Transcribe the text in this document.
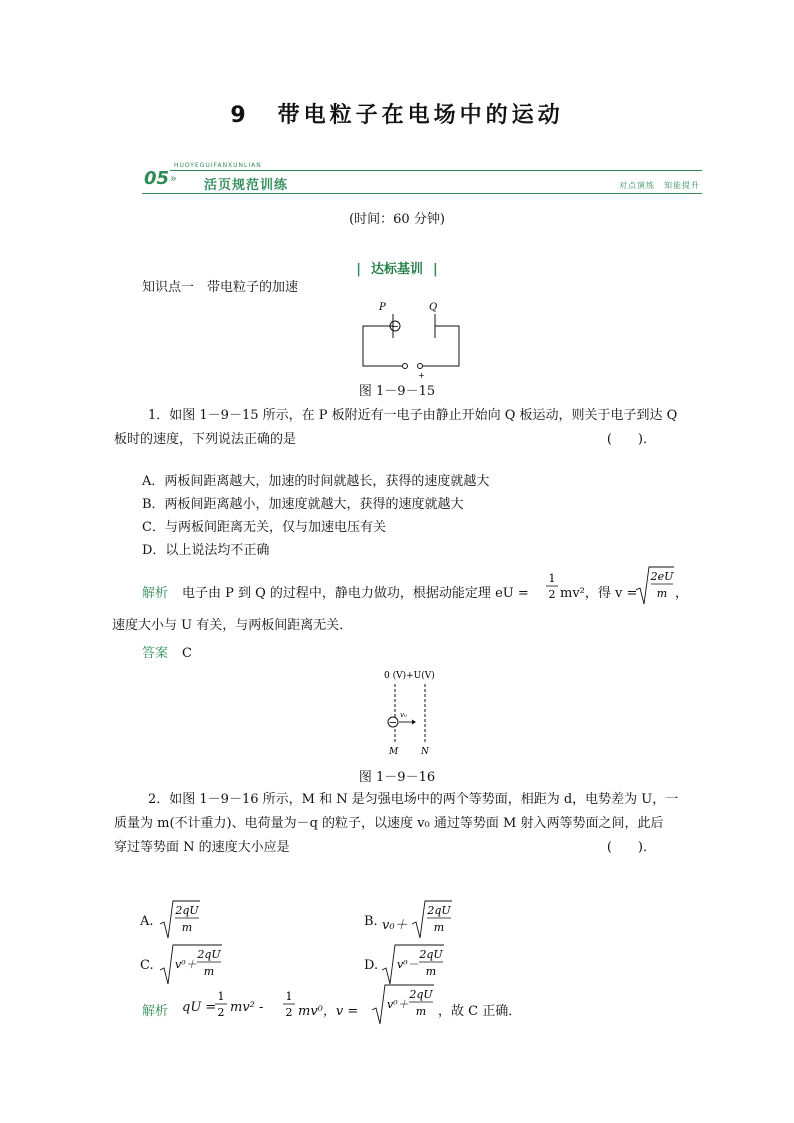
9 带电粒子在电场中的运动
HUOYEGUIFANXUNLIAN
05 » 活页规范训练	对点演练　知能提升
(时间：60 分钟)
| 达标基训 |
知识点一　带电粒子的加速
−
P	Q
+
图 1－9－15
1．如图 1－9－15 所示，在 P 板附近有一电子由静止开始向 Q 板运动，则关于电子到达 Q
板时的速度，下列说法正确的是	(　　)．
A．两板间距离越大，加速的时间就越长，获得的速度就越大
B．两板间距离越小，加速度就越大，获得的速度就越大
C．与两板间距离无关，仅与加速电压有关
D．以上说法均不正确
解析 电子由 P 到 Q 的过程中，静电力做功，根据动能定理 eU =
1
2 mv²，得 v =
2eU
m ，
速度大小与 U 有关，与两板间距离无关．
答案 C
0 (V)+U(V)
−
v₀
M	N
图 1－9－16
2．如图 1－9－16 所示，M 和 N 是匀强电场中的两个等势面，相距为 d，电势差为 U，一
质量为 m(不计重力)、电荷量为－q 的粒子，以速度 v₀ 通过等势面 M 射入两等势面之间，此后
穿过等势面 N 的速度大小应是	(　　)．
A.
2qU
m	B. v₀＋
2qU
m
C. v⁰＋
2qU
m	D. v⁰－
2qU
m
解析 qU =
1
2 mv² -
1
2 mv⁰，v =	v⁰＋
2qU
m ，故 C 正确．
